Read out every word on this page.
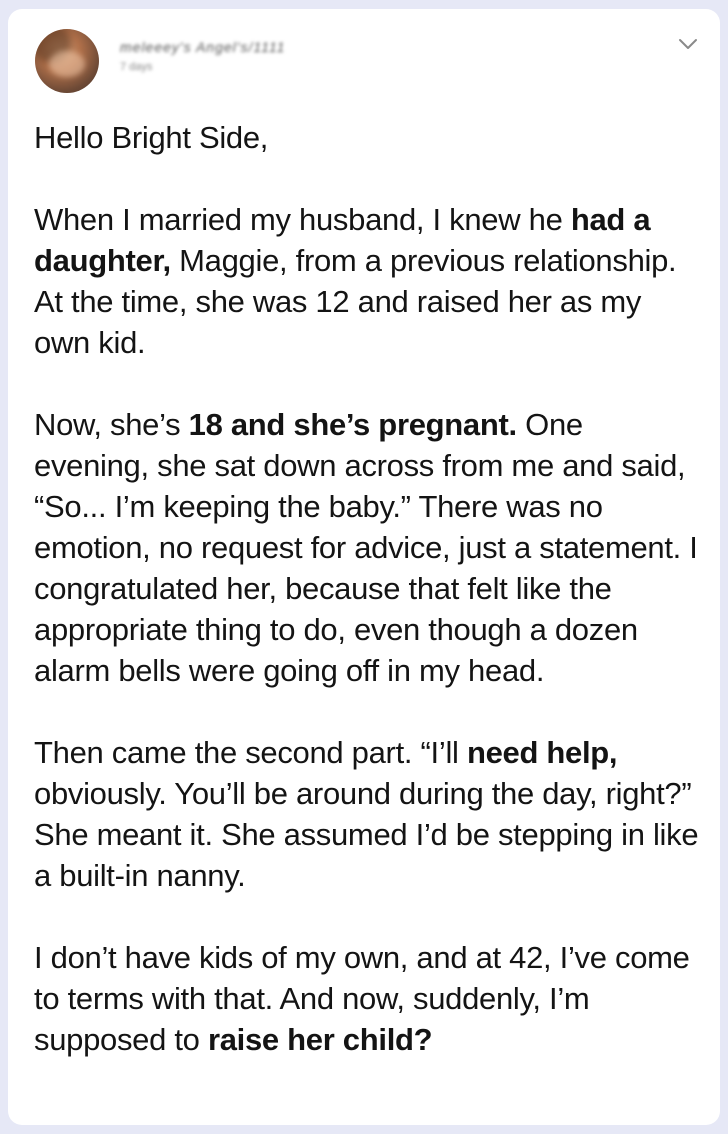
meleeey's Angel's/1111
7 days

Hello Bright Side,

When I married my husband, I knew he had a daughter, Maggie, from a previous relationship. At the time, she was 12 and raised her as my own kid.

Now, she’s 18 and she’s pregnant. One evening, she sat down across from me and said, “So... I’m keeping the baby.” There was no emotion, no request for advice, just a statement. I congratulated her, because that felt like the appropriate thing to do, even though a dozen alarm bells were going off in my head.

Then came the second part. “I’ll need help, obviously. You’ll be around during the day, right?” She meant it. She assumed I’d be stepping in like a built-in nanny.

I don’t have kids of my own, and at 42, I’ve come to terms with that. And now, suddenly, I’m supposed to raise her child?
